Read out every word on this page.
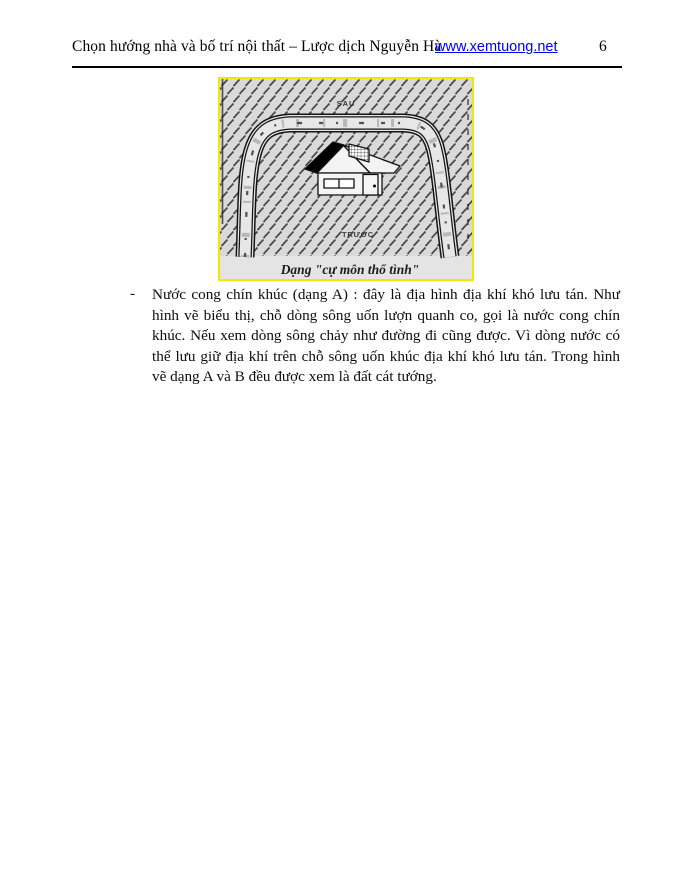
Chọn hướng nhà và bố trí nội thất – Lược dịch Nguyễn Hà
www.xemtuong.net	6
SAU
TRƯỚC
Dạng "cự môn thổ tình"
- Nước cong chín khúc (dạng A) : đây là địa hình địa khí khó lưu tán. Như hình vẽ biểu thị, chỗ dòng sông uốn lượn quanh co, gọi là nước cong chín khúc. Nếu xem dòng sông chảy như đường đi cũng được. Vì dòng nước có thể lưu giữ địa khí trên chỗ sông uốn khúc địa khí khó lưu tán. Trong hình vẽ dạng A và B đều được xem là đất cát tướng.
